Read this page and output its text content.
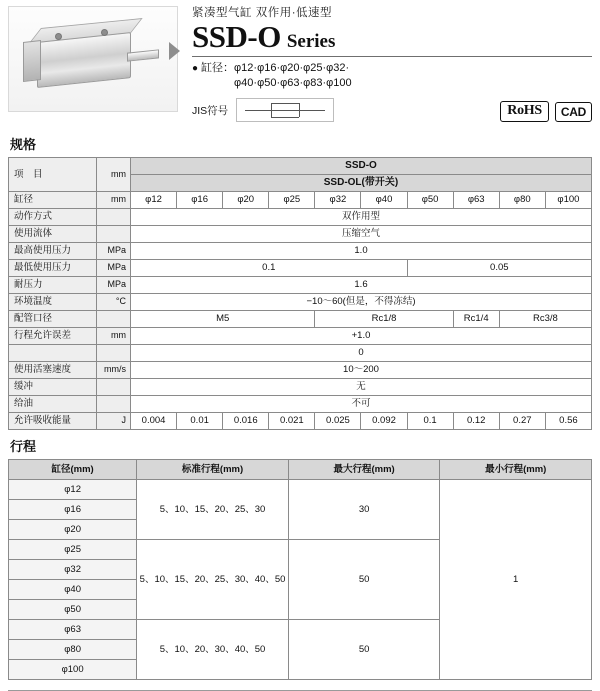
紧凑型气缸 双作用·低速型
SSD-O Series
● 缸径： φ12·φ16·φ20·φ25·φ32·
φ40·φ50·φ63·φ83·φ100
JIS符号	RoHS	CAD
规格
项　目	mm	SSD-O									
		SSD-OL(带开关)									
缸径	mm	φ12	φ16	φ20	φ25	φ32	φ40	φ50	φ63	φ80	φ100
动作方式		双作用型									
使用流体		压缩空气									
最高使用压力	MPa	1.0									
最低使用压力	MPa	0.1						0.05			
耐压力	MPa	1.6									
环境温度	°C	−10～60(但是，不得冻结)									
配管口径		M5				Rc1/8			Rc1/4	Rc3/8	
行程允许误差	mm	+1.0									
		0									
使用活塞速度	mm/s	10～200									
缓冲		无									
给油		不可									
允许吸收能量	J	0.004	0.01	0.016	0.021	0.025	0.092	0.1	0.12	0.27	0.56
行程
缸径(mm)	标准行程(mm)	最大行程(mm)	最小行程(mm)
φ12	5、10、15、20、25、30	30	1
φ16			
φ20			
φ25	5、10、15、20、25、30、40、50	50	
φ32			
φ40			
φ50			
φ63	5、10、20、30、40、50	50	
φ80			
φ100			
